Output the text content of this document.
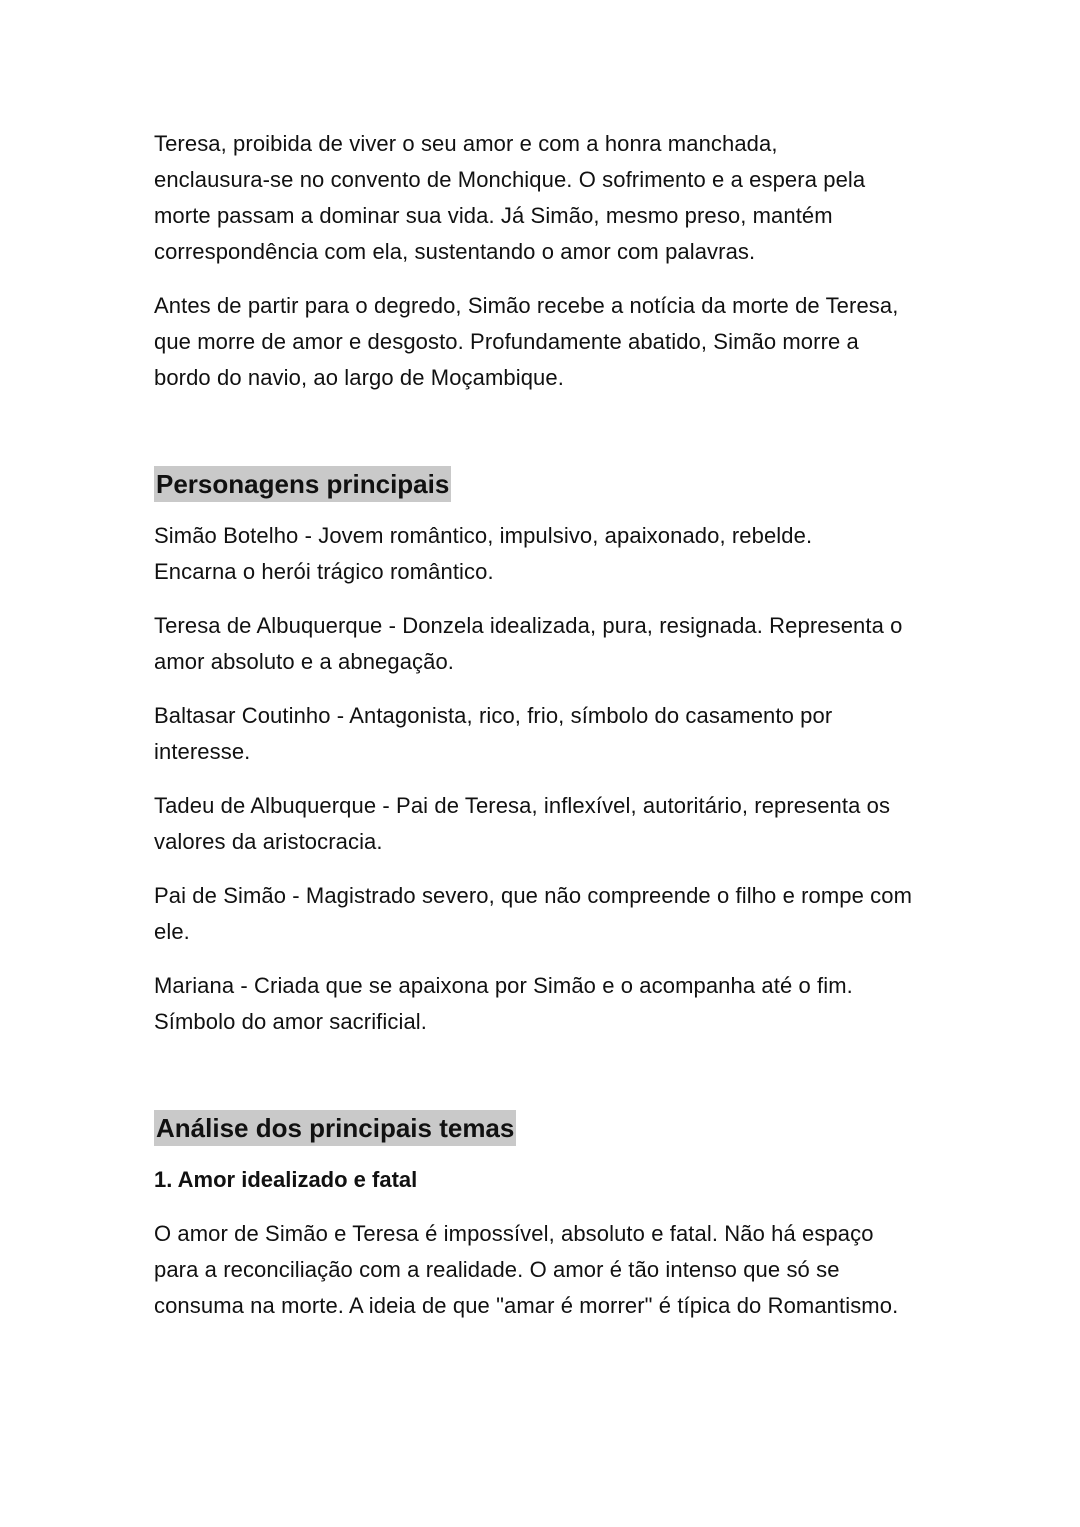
Teresa, proibida de viver o seu amor e com a honra manchada, enclausura-se no convento de Monchique. O sofrimento e a espera pela morte passam a dominar sua vida. Já Simão, mesmo preso, mantém correspondência com ela, sustentando o amor com palavras.

Antes de partir para o degredo, Simão recebe a notícia da morte de Teresa, que morre de amor e desgosto. Profundamente abatido, Simão morre a bordo do navio, ao largo de Moçambique.

Personagens principais

Simão Botelho - Jovem romântico, impulsivo, apaixonado, rebelde. Encarna o herói trágico romântico.

Teresa de Albuquerque - Donzela idealizada, pura, resignada. Representa o amor absoluto e a abnegação.

Baltasar Coutinho - Antagonista, rico, frio, símbolo do casamento por interesse.

Tadeu de Albuquerque - Pai de Teresa, inflexível, autoritário, representa os valores da aristocracia.

Pai de Simão - Magistrado severo, que não compreende o filho e rompe com ele.

Mariana - Criada que se apaixona por Simão e o acompanha até o fim. Símbolo do amor sacrificial.

Análise dos principais temas

1. Amor idealizado e fatal

O amor de Simão e Teresa é impossível, absoluto e fatal. Não há espaço para a reconciliação com a realidade. O amor é tão intenso que só se consuma na morte. A ideia de que "amar é morrer" é típica do Romantismo.
